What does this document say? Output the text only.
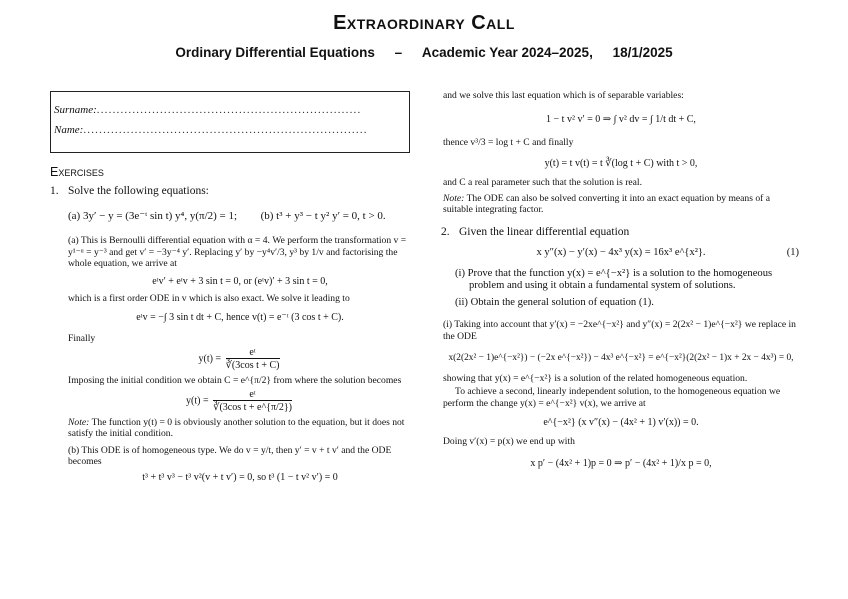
Extraordinary Call
Ordinary Differential Equations – Academic Year 2024–2025, 18/1/2025
Surname:...................................................................
Name:........................................................................
Exercises
1. Solve the following equations:
(a) 3y′ − y = (3e⁻ᵗ sin t) y⁴, y(π/2) = 1; (b) t³ + y³ − t y² y′ = 0, t > 0.

(a) This is Bernoulli differential equation with α = 4. We perform the transformation v = y¹⁻ᵅ = y⁻³ and get v′ = −3y⁻⁴ y′. Replacing y′ by −y⁴v′/3, y³ by 1/v and factorising the whole equation, we arrive at

eᵗv′ + eᵗv + 3 sin t = 0, or (eᵗv)′ + 3 sin t = 0,

which is a first order ODE in v which is also exact. We solve it leading to

eᵗv = −∫ 3 sin t dt + C, hence v(t) = e⁻ᵗ (3 cos t + C).

Finally

$y(t) = \frac{\text{eᵗ}}{\text{∛(3cos t + C)}}$

Imposing the initial condition we obtain C = e^{π/2} from where the solution becomes

$y(t) = \frac{\text{eᵗ}}{\text{∛(3cos t + e\textasciicircum{}\{π/2\})}}$

Note: The function y(t) = 0 is obviously another solution to the equation, but it does not satisfy the initial condition.

(b) This ODE is of homogeneous type. We do v = y/t, then y′ = v + t v′ and the ODE becomes

t³ + t³ v³ − t³ v²(v + t v′) = 0, so t³ (1 − t v² v′) = 0

and we solve this last equation which is of separable variables:

1 − t v² v′ = 0 ⇒ ∫ v² dv = ∫ 1/t dt + C,

thence v³/3 = log t + C and finally

y(t) = t v(t) = t ∛(log t + C) with t > 0,

and C a real parameter such that the solution is real.

Note: The ODE can also be solved converting it into an exact equation by means of a suitable integrating factor.

2. Given the linear differential equation
x y″(x) − y′(x) − 4x³ y(x) = 16x³ e^{x²}.	(1)
(i) Prove that the function y(x) = e^{−x²} is a solution to the homogeneous problem and using it obtain a fundamental system of solutions.
(ii) Obtain the general solution of equation (1).

(i) Taking into account that y′(x) = −2xe^{−x²} and y″(x) = 2(2x² − 1)e^{−x²} we replace in the ODE

x(2(2x² − 1)e^{−x²}) − (−2x e^{−x²}) − 4x³ e^{−x²} = e^{−x²}(2(2x² − 1)x + 2x − 4x³) = 0,

showing that y(x) = e^{−x²} is a solution of the related homogeneous equation.

To achieve a second, linearly independent solution, to the homogeneous equation we perform the change y(x) = e^{−x²} v(x), we arrive at

e^{−x²} (x v″(x) − (4x² + 1) v′(x)) = 0.

Doing v′(x) = p(x) we end up with

x p′ − (4x² + 1)p = 0 ⇒ p′ − (4x² + 1)/x p = 0,
